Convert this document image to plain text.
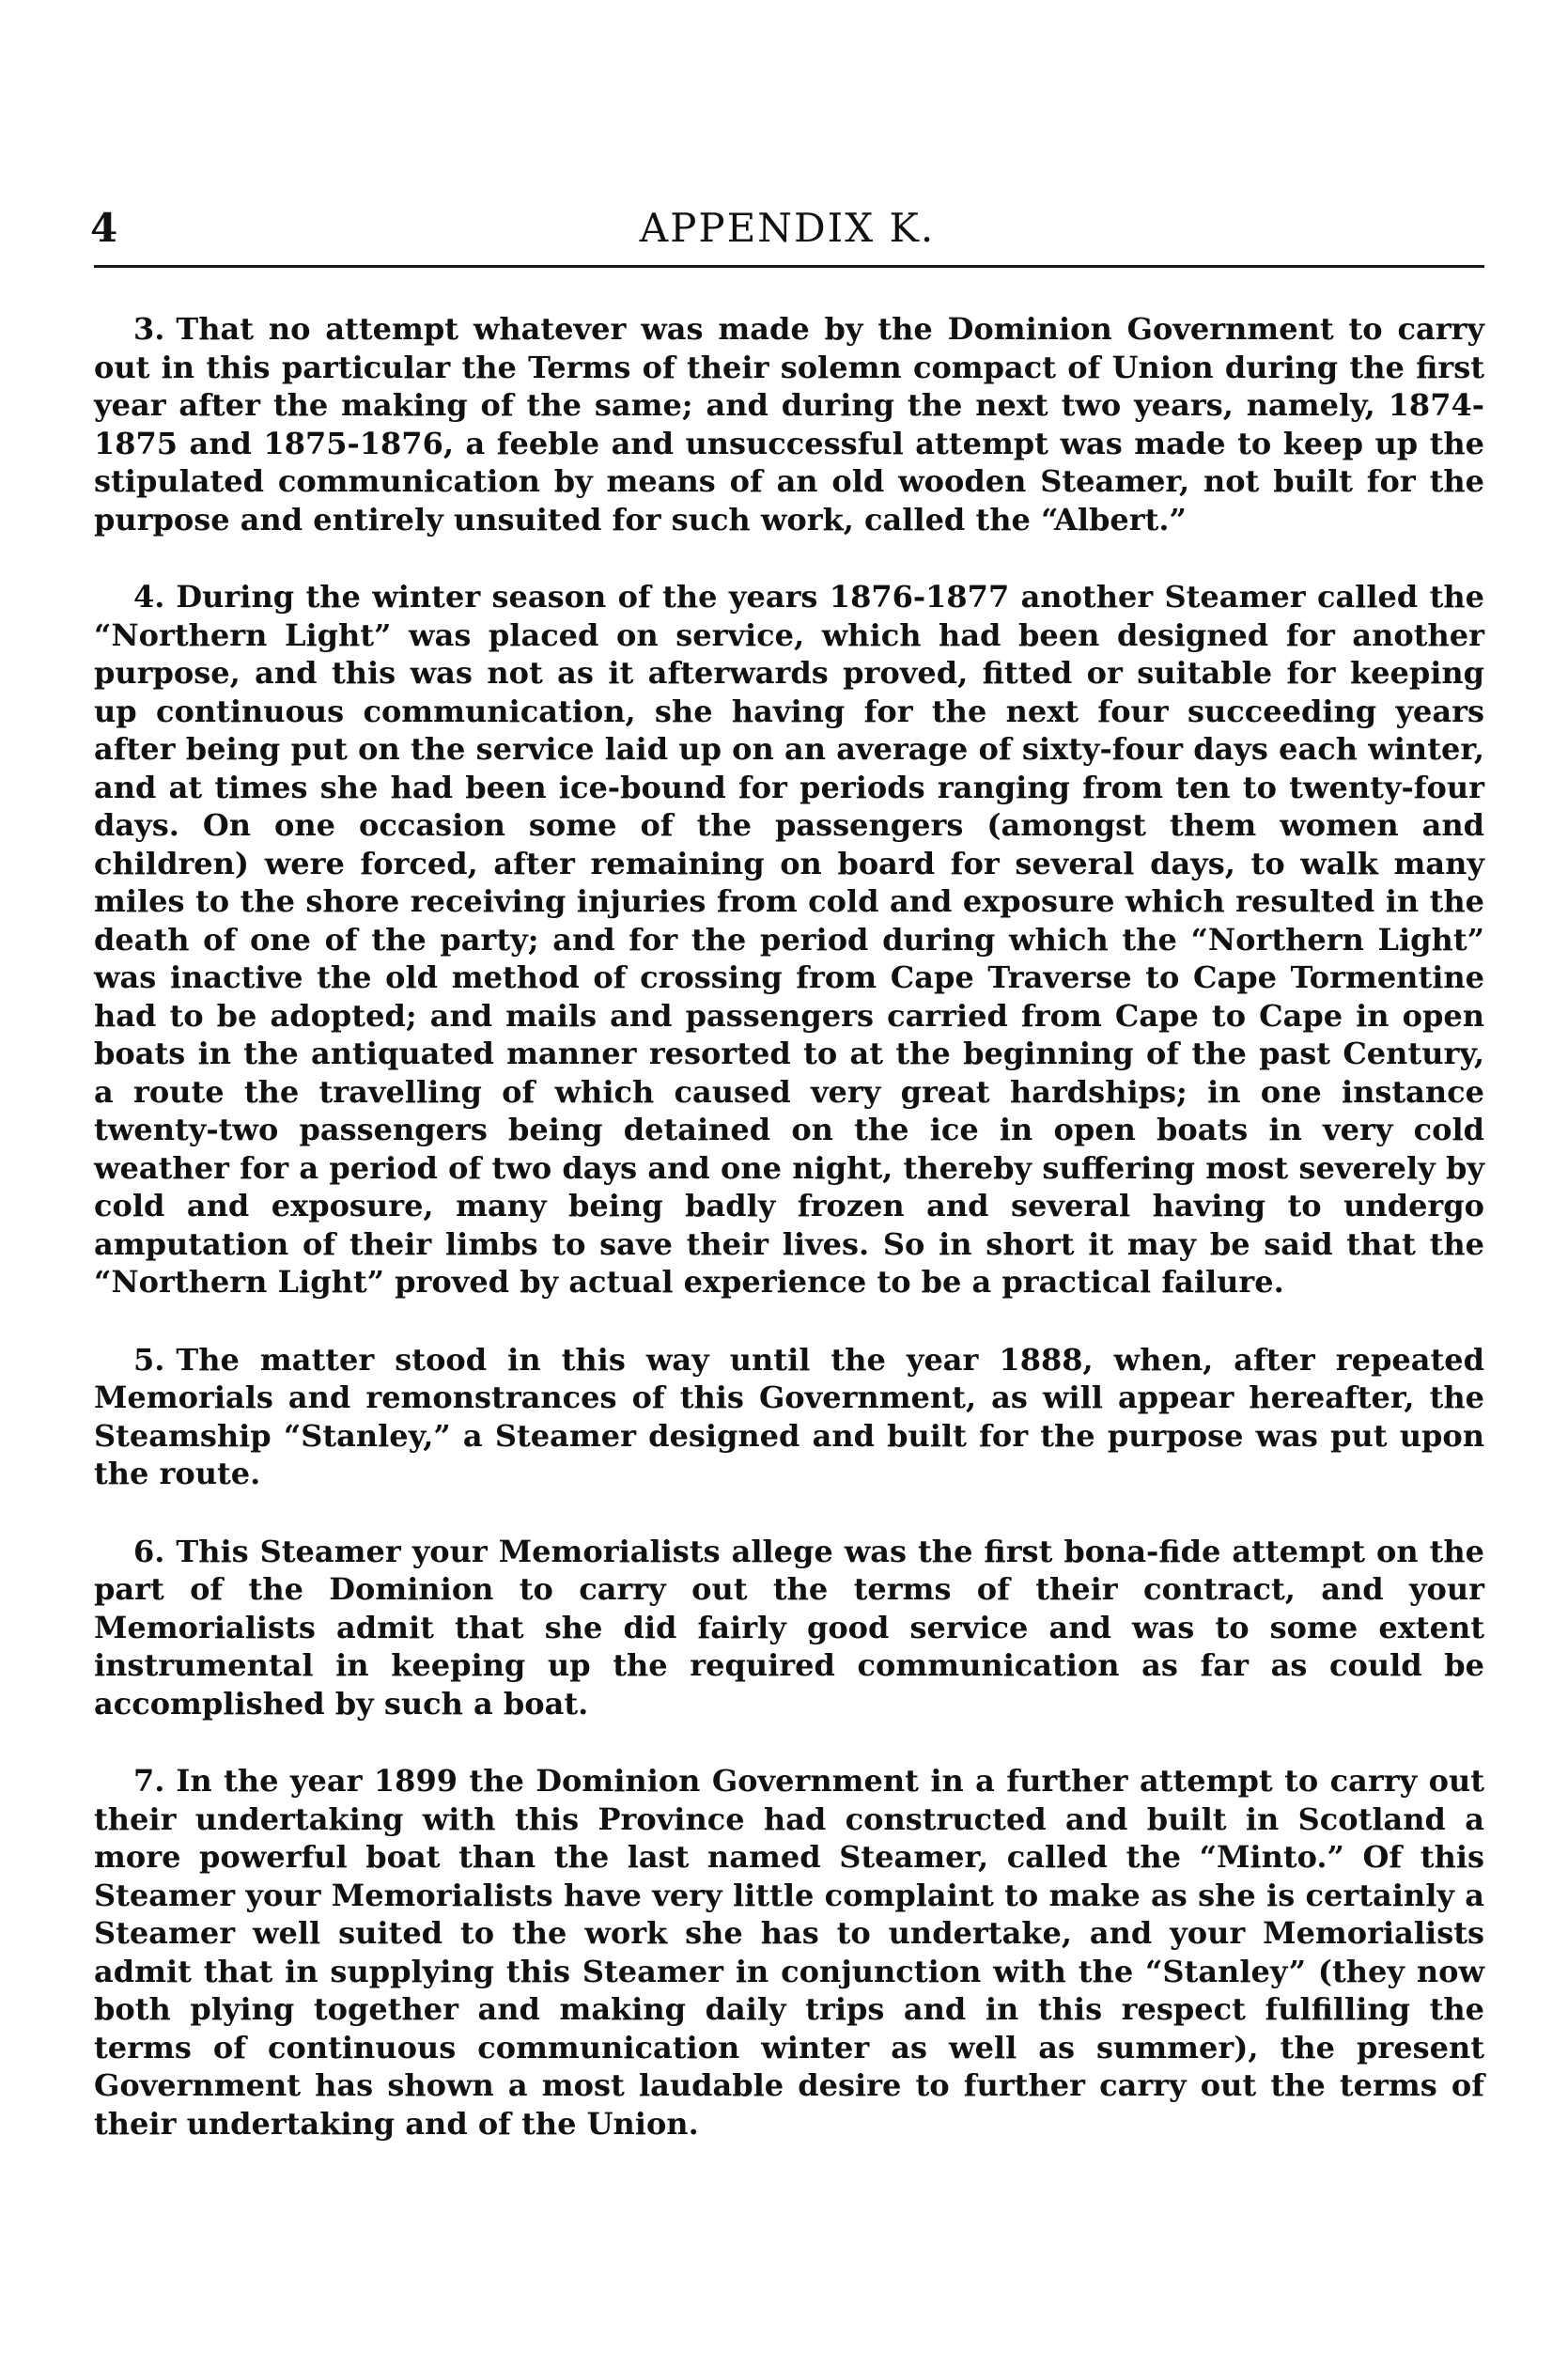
4	APPENDIX K.

3. That no attempt whatever was made by the Dominion Government to carry out in this particular the Terms of their solemn compact of Union during the first year after the making of the same; and during the next two years, namely, 1874-1875 and 1875-1876, a feeble and unsuccessful attempt was made to keep up the stipulated communication by means of an old wooden Steamer, not built for the purpose and entirely unsuited for such work, called the “Albert.”

4. During the winter season of the years 1876-1877 another Steamer called the “Northern Light” was placed on service, which had been designed for another purpose, and this was not as it afterwards proved, fitted or suitable for keeping up continuous communication, she having for the next four succeeding years after being put on the service laid up on an average of sixty-four days each winter, and at times she had been ice-bound for periods ranging from ten to twenty-four days. On one occasion some of the passengers (amongst them women and children) were forced, after remaining on board for several days, to walk many miles to the shore receiving injuries from cold and exposure which resulted in the death of one of the party; and for the period during which the “Northern Light” was inactive the old method of crossing from Cape Traverse to Cape Tormentine had to be adopted; and mails and passengers carried from Cape to Cape in open boats in the antiquated manner resorted to at the beginning of the past Century, a route the travelling of which caused very great hardships; in one instance twenty-two passengers being detained on the ice in open boats in very cold weather for a period of two days and one night, thereby suffering most severely by cold and exposure, many being badly frozen and several having to undergo amputation of their limbs to save their lives. So in short it may be said that the “Northern Light” proved by actual experience to be a practical failure.

5. The matter stood in this way until the year 1888, when, after repeated Memorials and remonstrances of this Government, as will appear hereafter, the Steamship “Stanley,” a Steamer designed and built for the purpose was put upon the route.

6. This Steamer your Memorialists allege was the first bona-fide attempt on the part of the Dominion to carry out the terms of their contract, and your Memorialists admit that she did fairly good service and was to some extent instrumental in keeping up the required communication as far as could be accomplished by such a boat.

7. In the year 1899 the Dominion Government in a further attempt to carry out their undertaking with this Province had constructed and built in Scotland a more powerful boat than the last named Steamer, called the “Minto.” Of this Steamer your Memorialists have very little complaint to make as she is certainly a Steamer well suited to the work she has to undertake, and your Memorialists admit that in supplying this Steamer in conjunction with the “Stanley” (they now both plying together and making daily trips and in this respect fulfilling the terms of continuous communication winter as well as summer), the present Government has shown a most laudable desire to further carry out the terms of their undertaking and of the Union.
